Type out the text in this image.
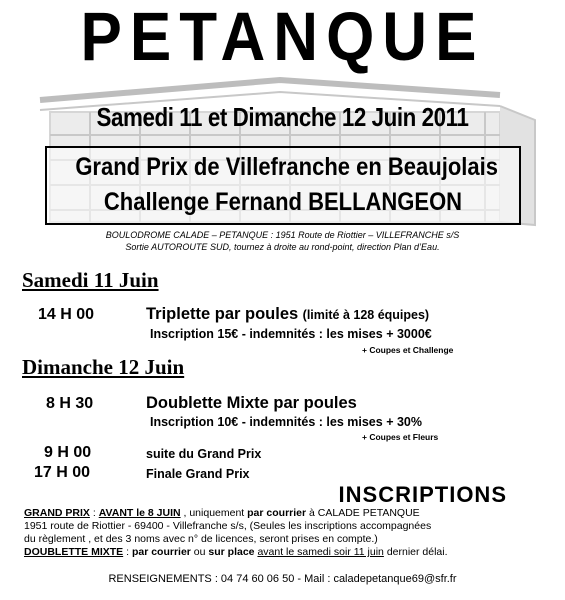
PETANQUE
Samedi 11 et Dimanche 12 Juin 2011
Grand Prix de Villefranche en Beaujolais
Challenge Fernand BELLANGEON
BOULODROME CALADE – PETANQUE : 1951 Route de Riottier – VILLEFRANCHE s/S
Sortie AUTOROUTE SUD, tournez à droite au rond-point, direction Plan d’Eau.
Samedi 11 Juin
14 H 00	Triplette par poules (limité à 128 équipes)
Inscription 15€ - indemnités : les mises + 3000€
+ Coupes et Challenge
Dimanche 12 Juin
8 H 30	Doublette Mixte par poules
Inscription 10€ - indemnités : les mises + 30%
+ Coupes et Fleurs
9 H 00	suite du Grand Prix
17 H 00	Finale Grand Prix
INSCRIPTIONS
GRAND PRIX : AVANT le 8 JUIN , uniquement par courrier à CALADE PETANQUE
1951 route de Riottier - 69400 - Villefranche s/s, (Seules les inscriptions accompagnées
du règlement , et des 3 noms avec n° de licences, seront prises en compte.)
DOUBLETTE MIXTE : par courrier ou sur place avant le samedi soir 11 juin dernier délai.
RENSEIGNEMENTS : 04 74 60 06 50 - Mail : caladepetanque69@sfr.fr
